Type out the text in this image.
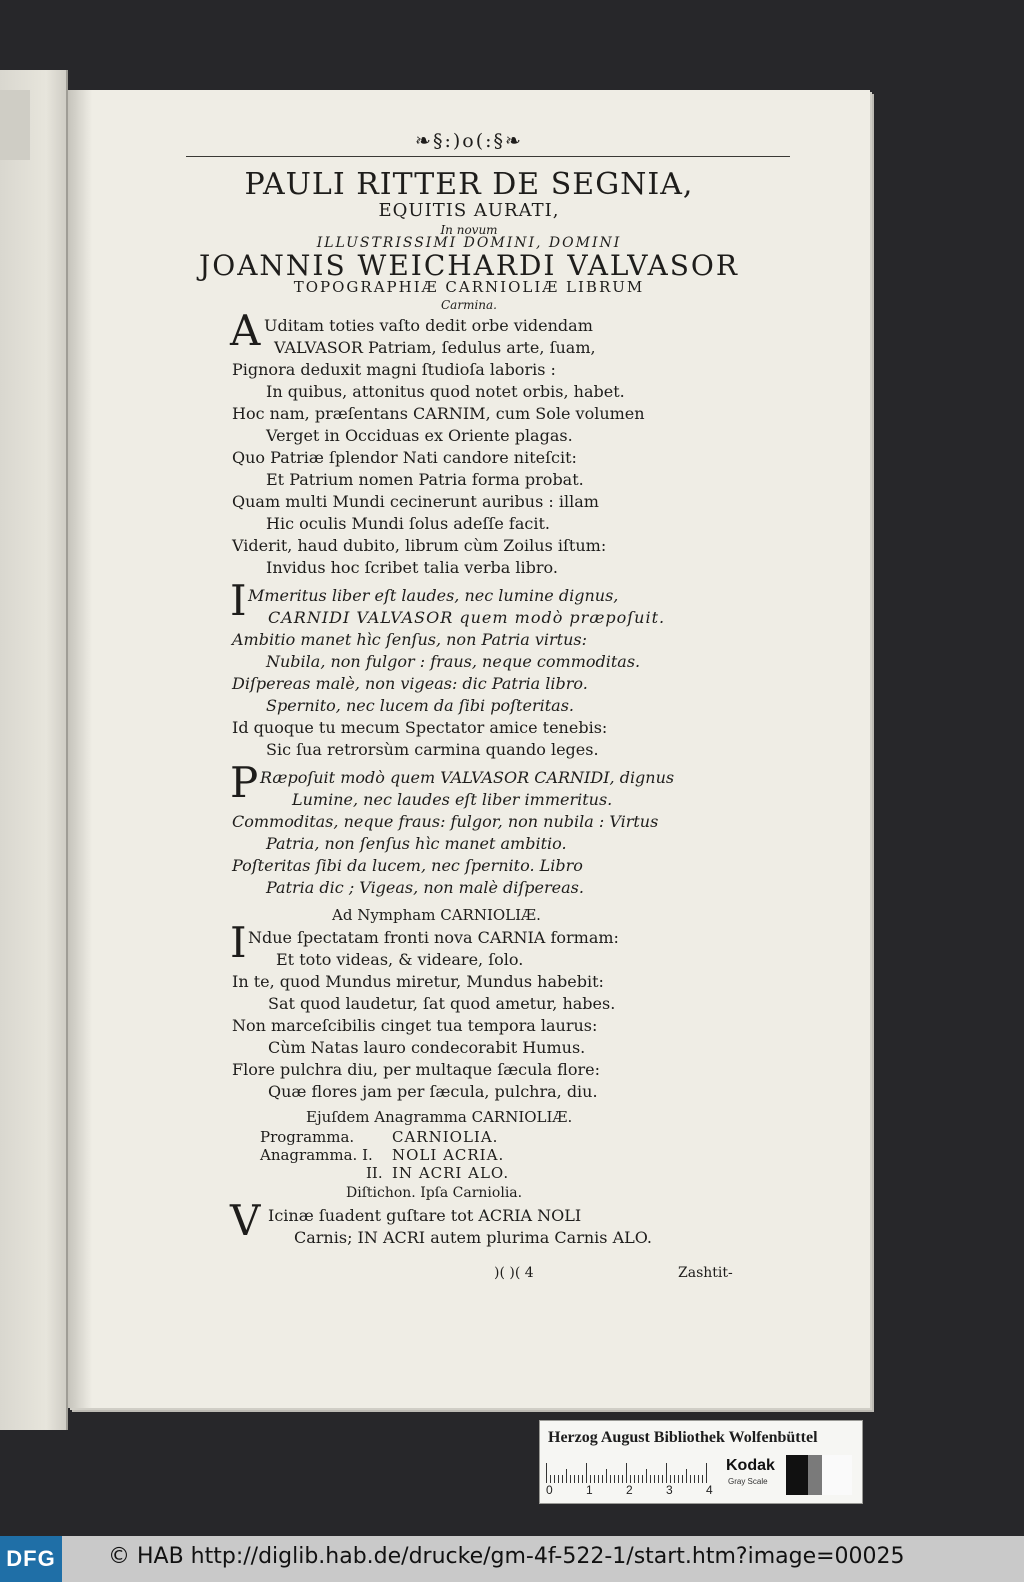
❧§:)o(:§❧
PAULI RITTER DE SEGNIA,
EQUITIS AURATI,
In novum
ILLUSTRISSIMI DOMINI, DOMINI
JOANNIS WEICHARDI VALVASOR
TOPOGRAPHIÆ CARNIOLIÆ LIBRUM
Carmina.
A Uditam toties vaſto dedit orbe videndam
VALVASOR Patriam, ſedulus arte, ſuam,
Pignora deduxit magni ſtudioſa laboris :
In quibus, attonitus quod notet orbis, habet.
Hoc nam, præſentans CARNIM, cum Sole volumen
Verget in Occiduas ex Oriente plagas.
Quo Patriæ ſplendor Nati candore niteſcit:
Et Patrium nomen Patria forma probat.
Quam multi Mundi cecinerunt auribus : illam
Hic oculis Mundi ſolus adeſſe facit.
Viderit, haud dubito, librum cùm Zoilus iſtum:
Invidus hoc ſcribet talia verba libro.
I Mmeritus liber eſt laudes, nec lumine dignus,
CARNIDI VALVASOR quem modò præpoſuit.
Ambitio manet hìc ſenſus, non Patria virtus:
Nubila, non fulgor : fraus, neque commoditas.
Diſpereas malè, non vigeas: dic Patria libro.
Spernito, nec lucem da ſibi poſteritas.
Id quoque tu mecum Spectator amice tenebis:
Sic ſua retrorsùm carmina quando leges.
P Ræpoſuit modò quem VALVASOR CARNIDI, dignus
Lumine, nec laudes eſt liber immeritus.
Commoditas, neque fraus: fulgor, non nubila : Virtus
Patria, non ſenſus hìc manet ambitio.
Poſteritas ſibi da lucem, nec ſpernito. Libro
Patria dic ; Vigeas, non malè diſpereas.
Ad Nympham CARNIOLIÆ.
I Ndue ſpectatam fronti nova CARNIA formam:
Et toto videas, & videare, ſolo.
In te, quod Mundus miretur, Mundus habebit:
Sat quod laudetur, ſat quod ametur, habes.
Non marceſcibilis cinget tua tempora laurus:
Cùm Natas lauro condecorabit Humus.
Flore pulchra diu, per multaque ſæcula flore:
Quæ flores jam per ſæcula, pulchra, diu.
Ejuſdem Anagramma CARNIOLIÆ.
Programma.	CARNIOLIA.
Anagramma. I. NOLI ACRIA.
II. IN ACRI ALO.
Diſtichon. Ipſa Carniolia.
V Icinæ ſuadent guſtare tot ACRIA NOLI
Carnis; IN ACRI autem plurima Carnis ALO.
)( )( 4	Zashtit-
Herzog August Bibliothek Wolfenbüttel
0	1	2	3	4
Kodak
Gray Scale
DFG © HAB http://diglib.hab.de/drucke/gm-4f-522-1/start.htm?image=00025
